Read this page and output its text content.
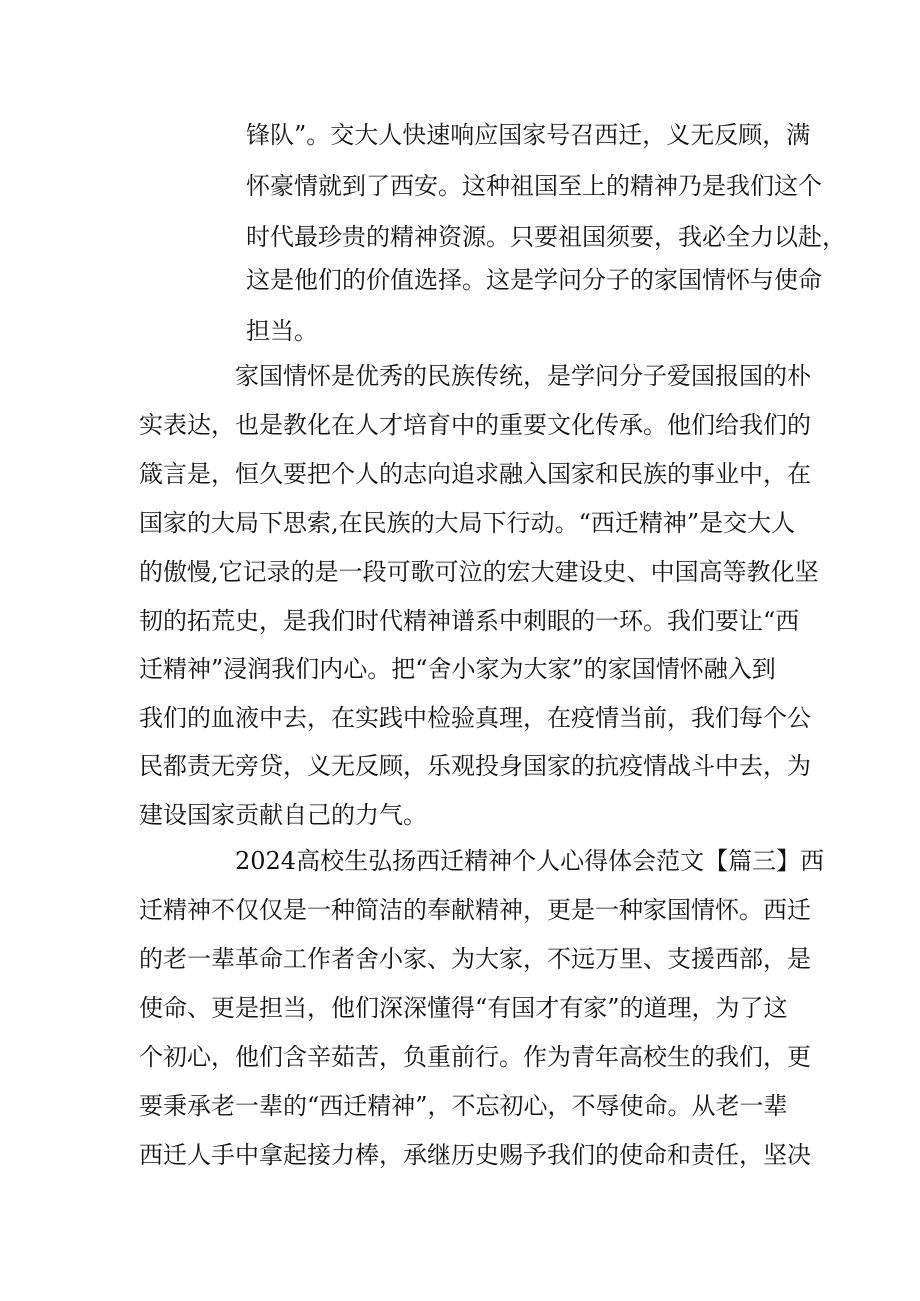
锋队”。交大人快速响应国家号召西迁，义无反顾，满

怀豪情就到了西安。这种祖国至上的精神乃是我们这个

时代最珍贵的精神资源。只要祖国须要，我必全力以赴，

这是他们的价值选择。这是学问分子的家国情怀与使命

担当。

　　　　家国情怀是优秀的民族传统，是学问分子爱国报国的朴

实表达，也是教化在人才培育中的重要文化传承。他们给我们的

箴言是，恒久要把个人的志向追求融入国家和民族的事业中，在

国家的大局下思索,在民族的大局下行动。“西迁精神”是交大人

的傲慢,它记录的是一段可歌可泣的宏大建设史、中国高等教化坚

韧的拓荒史，是我们时代精神谱系中刺眼的一环。我们要让“西

迁精神”浸润我们内心。把“舍小家为大家”的家国情怀融入到

我们的血液中去，在实践中检验真理，在疫情当前，我们每个公

民都责无旁贷，义无反顾，乐观投身国家的抗疫情战斗中去，为

建设国家贡献自己的力气。

　　　　2024高校生弘扬西迁精神个人心得体会范文【篇三】西

迁精神不仅仅是一种简洁的奉献精神，更是一种家国情怀。西迁

的老一辈革命工作者舍小家、为大家，不远万里、支援西部，是

使命、更是担当，他们深深懂得“有国才有家”的道理，为了这

个初心，他们含辛茹苦，负重前行。作为青年高校生的我们，更

要秉承老一辈的“西迁精神”，不忘初心，不辱使命。从老一辈

西迁人手中拿起接力棒，承继历史赐予我们的使命和责任，坚决
